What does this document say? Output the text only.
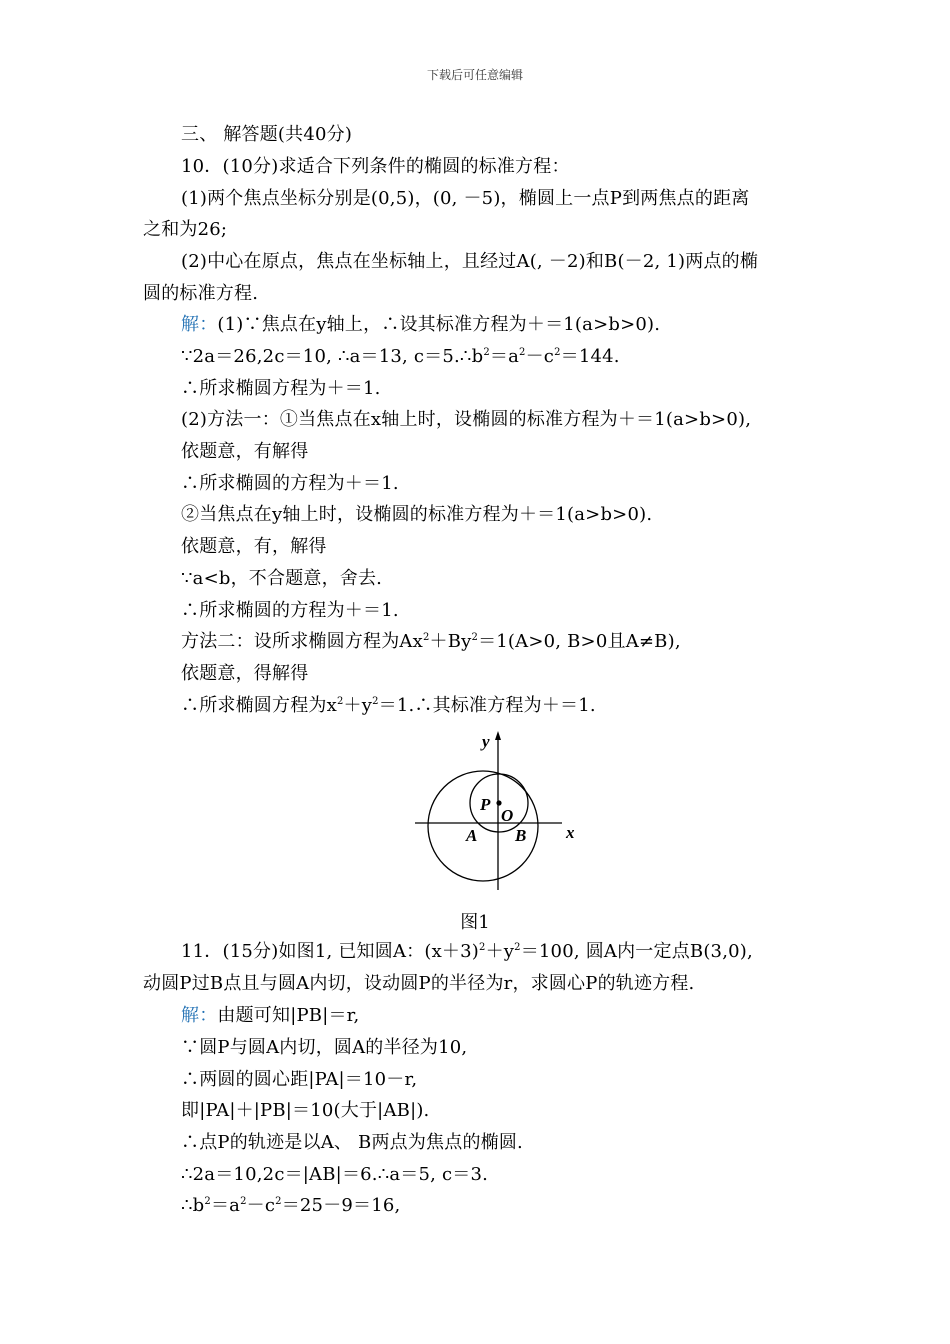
下载后可任意编辑
三、 解答题(共40分)
10．(10分)求适合下列条件的椭圆的标准方程：
(1)两个焦点坐标分别是(0,5)，(0, －5)，椭圆上一点P到两焦点的距离
之和为26;
(2)中心在原点，焦点在坐标轴上，且经过A(, －2)和B(－2, 1)两点的椭
圆的标准方程.
解：(1)∵焦点在y轴上，∴设其标准方程为＋＝1(a>b>0).
∵2a＝26,2c＝10, ∴a＝13, $c=5.\therefore b^2=a^2-c^2=144$.
∴所求椭圆方程为＋＝1.
(2)方法一：①当焦点在x轴上时，设椭圆的标准方程为＋＝1(a>b>0),
依题意，有解得
∴所求椭圆的方程为＋＝1.
②当焦点在y轴上时，设椭圆的标准方程为＋＝1(a>b>0).
依题意，有，解得
∵a<b，不合题意，舍去.
∴所求椭圆的方程为＋＝1.
方法二：设所求椭圆方程为$Ax^2+By^2=1(A>0$, B>0且A≠B),
依题意，得解得
∴所求椭圆方程为$x^2+y^2=1.\therefore$其标准方程为＋＝1.
y
x
P
O
A B
图1
11．(15分)如图1, 已知圆A：$(x+3)^2+y^2=100$, 圆A内一定点B(3,0),
动圆P过B点且与圆A内切，设动圆P的半径为r，求圆心P的轨迹方程.
解：由题可知|PB|＝r,
∵圆P与圆A内切，圆A的半径为10,
∴两圆的圆心距|PA|＝10－r,
即|PA|＋|PB|＝10(大于|AB|).
∴点P的轨迹是以A、 B两点为焦点的椭圆.
∴2a＝10,2c＝|AB|＝6.∴a＝5, c＝3.
$\therefore b^2=a^2-c^2=25-9=16$,
